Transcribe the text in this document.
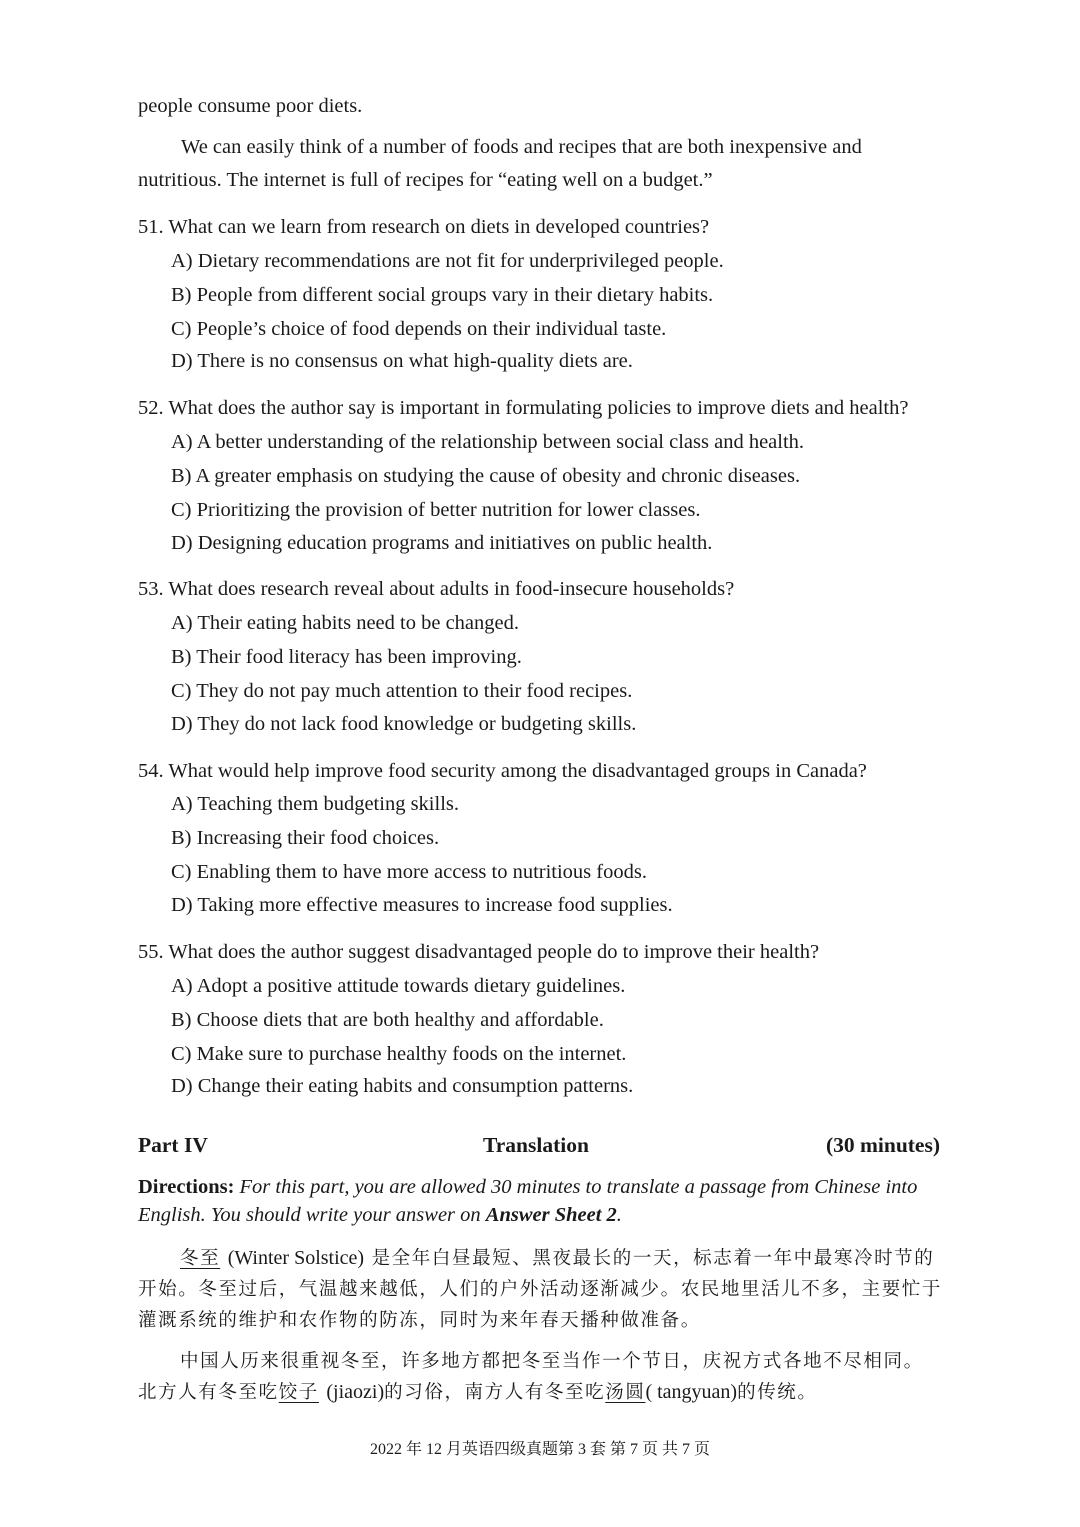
people consume poor diets.
We can easily think of a number of foods and recipes that are both inexpensive and
nutritious. The internet is full of recipes for “eating well on a budget.”
51. What can we learn from research on diets in developed countries?
A) Dietary recommendations are not fit for underprivileged people.
B) People from different social groups vary in their dietary habits.
C) People’s choice of food depends on their individual taste.
D) There is no consensus on what high-quality diets are.
52. What does the author say is important in formulating policies to improve diets and health?
A) A better understanding of the relationship between social class and health.
B) A greater emphasis on studying the cause of obesity and chronic diseases.
C) Prioritizing the provision of better nutrition for lower classes.
D) Designing education programs and initiatives on public health.
53. What does research reveal about adults in food-insecure households?
A) Their eating habits need to be changed.
B) Their food literacy has been improving.
C) They do not pay much attention to their food recipes.
D) They do not lack food knowledge or budgeting skills.
54. What would help improve food security among the disadvantaged groups in Canada?
A) Teaching them budgeting skills.
B) Increasing their food choices.
C) Enabling them to have more access to nutritious foods.
D) Taking more effective measures to increase food supplies.
55. What does the author suggest disadvantaged people do to improve their health?
A) Adopt a positive attitude towards dietary guidelines.
B) Choose diets that are both healthy and affordable.
C) Make sure to purchase healthy foods on the internet.
D) Change their eating habits and consumption patterns.
Part IV	Translation	(30 minutes)
Directions: For this part, you are allowed 30 minutes to translate a passage from Chinese into English. You should write your answer on Answer Sheet 2.
冬至 (Winter Solstice) 是全年白昼最短、黑夜最长的一天，标志着一年中最寒冷时节的开始。冬至过后，气温越来越低，人们的户外活动逐渐减少。农民地里活儿不多，主要忙于灌溉系统的维护和农作物的防冻，同时为来年春天播种做准备。
中国人历来很重视冬至，许多地方都把冬至当作一个节日，庆祝方式各地不尽相同。北方人有冬至吃饺子 (jiaozi)的习俗，南方人有冬至吃汤圆( tangyuan)的传统。
2022 年 12 月英语四级真题第 3 套 第 7 页 共 7 页
